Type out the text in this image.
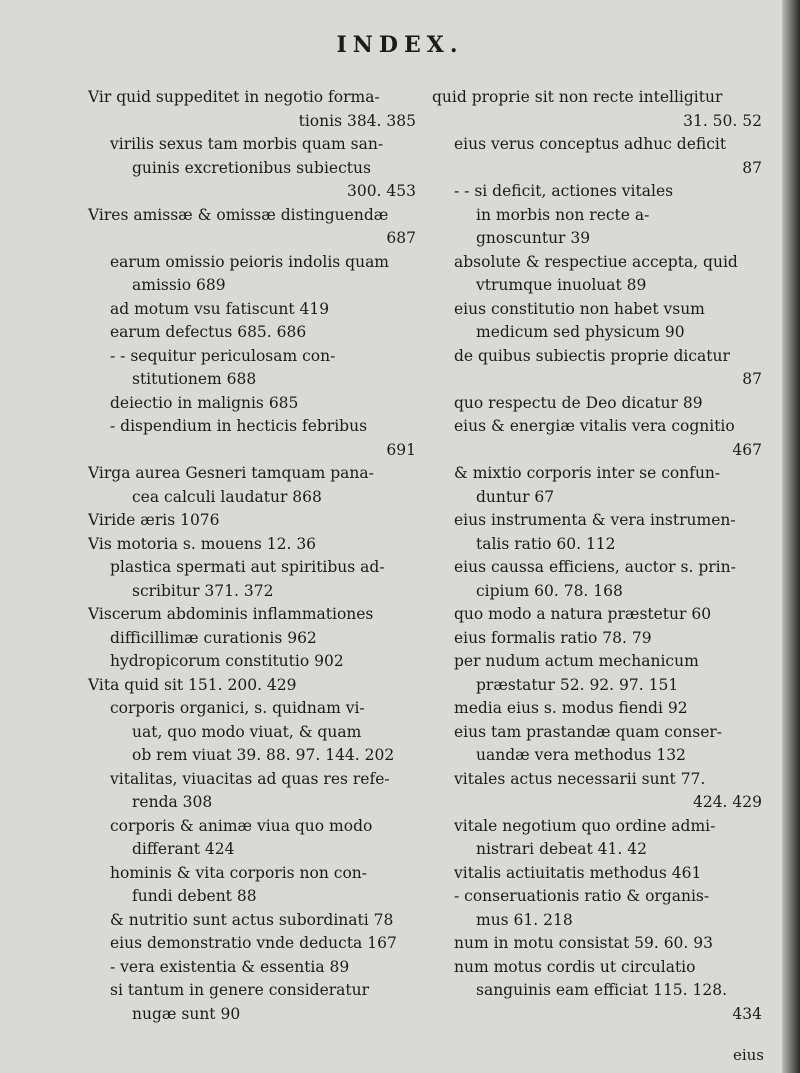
INDEX.
Vir quid suppeditet in negotio forma-
tionis 384. 385
virilis sexus tam morbis quam san-
guinis excretionibus subiectus
300. 453
Vires amissæ & omissæ distinguendæ
687
earum omissio peioris indolis quam
amissio 689
ad motum vsu fatiscunt 419
earum defectus 685. 686
- - sequitur periculosam con-
stitutionem 688
deiectio in malignis 685
- dispendium in hecticis febribus
691
Virga aurea Gesneri tamquam pana-
cea calculi laudatur 868
Viride æris 1076
Vis motoria s. mouens 12. 36
plastica spermati aut spiritibus ad-
scribitur 371. 372
Viscerum abdominis inflammationes
difficillimæ curationis 962
hydropicorum constitutio 902
Vita quid sit 151. 200. 429
corporis organici, s. quidnam vi-
uat, quo modo viuat, & quam
ob rem viuat 39. 88. 97. 144. 202
vitalitas, viuacitas ad quas res refe-
renda 308
corporis & animæ viua quo modo
differant 424
hominis & vita corporis non con-
fundi debent 88
& nutritio sunt actus subordinati 78
eius demonstratio vnde deducta 167
- vera existentia & essentia 89
si tantum in genere consideratur
nugæ sunt 90
quid proprie sit non recte intelligitur
31. 50. 52
eius verus conceptus adhuc deficit
87
- - si deficit, actiones vitales
in morbis non recte a-
gnoscuntur 39
absolute & respectiue accepta, quid
vtrumque inuoluat 89
eius constitutio non habet vsum
medicum sed physicum 90
de quibus subiectis proprie dicatur
87
quo respectu de Deo dicatur 89
eius & energiæ vitalis vera cognitio
467
& mixtio corporis inter se confun-
duntur 67
eius instrumenta & vera instrumen-
talis ratio 60. 112
eius caussa efficiens, auctor s. prin-
cipium 60. 78. 168
quo modo a natura præstetur 60
eius formalis ratio 78. 79
per nudum actum mechanicum
præstatur 52. 92. 97. 151
media eius s. modus fiendi 92
eius tam prastandæ quam conser-
uandæ vera methodus 132
vitales actus necessarii sunt 77.
424. 429
vitale negotium quo ordine admi-
nistrari debeat 41. 42
vitalis actiuitatis methodus 461
- conseruationis ratio & organis-
mus 61. 218
num in motu consistat 59. 60. 93
num motus cordis ut circulatio
sanguinis eam efficiat 115. 128.
434
eius
